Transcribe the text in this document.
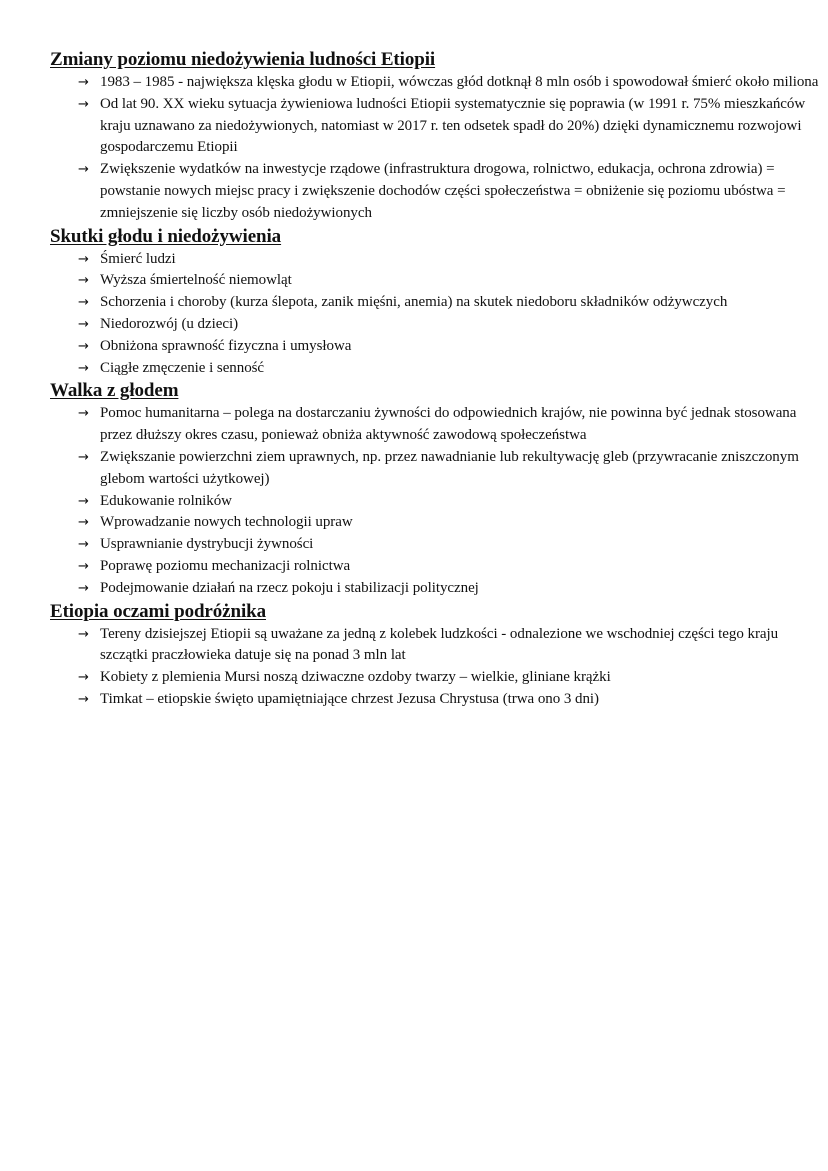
Zmiany poziomu niedożywienia ludności Etiopii
→ 1983 – 1985 - największa klęska głodu w Etiopii, wówczas głód dotknął 8 mln osób i spowodował śmierć około miliona
→ Od lat 90. XX wieku sytuacja żywieniowa ludności Etiopii systematycznie się poprawia (w 1991 r. 75% mieszkańców kraju uznawano za niedożywionych, natomiast w 2017 r. ten odsetek spadł do 20%) dzięki dynamicznemu rozwojowi gospodarczemu Etiopii
→ Zwiększenie wydatków na inwestycje rządowe (infrastruktura drogowa, rolnictwo, edukacja, ochrona zdrowia) = powstanie nowych miejsc pracy i zwiększenie dochodów części społeczeństwa = obniżenie się poziomu ubóstwa = zmniejszenie się liczby osób niedożywionych
Skutki głodu i niedożywienia
→ Śmierć ludzi
→ Wyższa śmiertelność niemowląt
→ Schorzenia i choroby (kurza ślepota, zanik mięśni, anemia) na skutek niedoboru składników odżywczych
→ Niedorozwój (u dzieci)
→ Obniżona sprawność fizyczna i umysłowa
→ Ciągłe zmęczenie i senność
Walka z głodem
→ Pomoc humanitarna – polega na dostarczaniu żywności do odpowiednich krajów, nie powinna być jednak stosowana przez dłuższy okres czasu, ponieważ obniża aktywność zawodową społeczeństwa
→ Zwiększanie powierzchni ziem uprawnych, np. przez nawadnianie lub rekultywację gleb (przywracanie zniszczonym glebom wartości użytkowej)
→ Edukowanie rolników
→ Wprowadzanie nowych technologii upraw
→ Usprawnianie dystrybucji żywności
→ Poprawę poziomu mechanizacji rolnictwa
→ Podejmowanie działań na rzecz pokoju i stabilizacji politycznej
Etiopia oczami podróżnika
→ Tereny dzisiejszej Etiopii są uważane za jedną z kolebek ludzkości - odnalezione we wschodniej części tego kraju szczątki praczłowieka datuje się na ponad 3 mln lat
→ Kobiety z plemienia Mursi noszą dziwaczne ozdoby twarzy – wielkie, gliniane krążki
→ Timkat – etiopskie święto upamiętniające chrzest Jezusa Chrystusa (trwa ono 3 dni)
